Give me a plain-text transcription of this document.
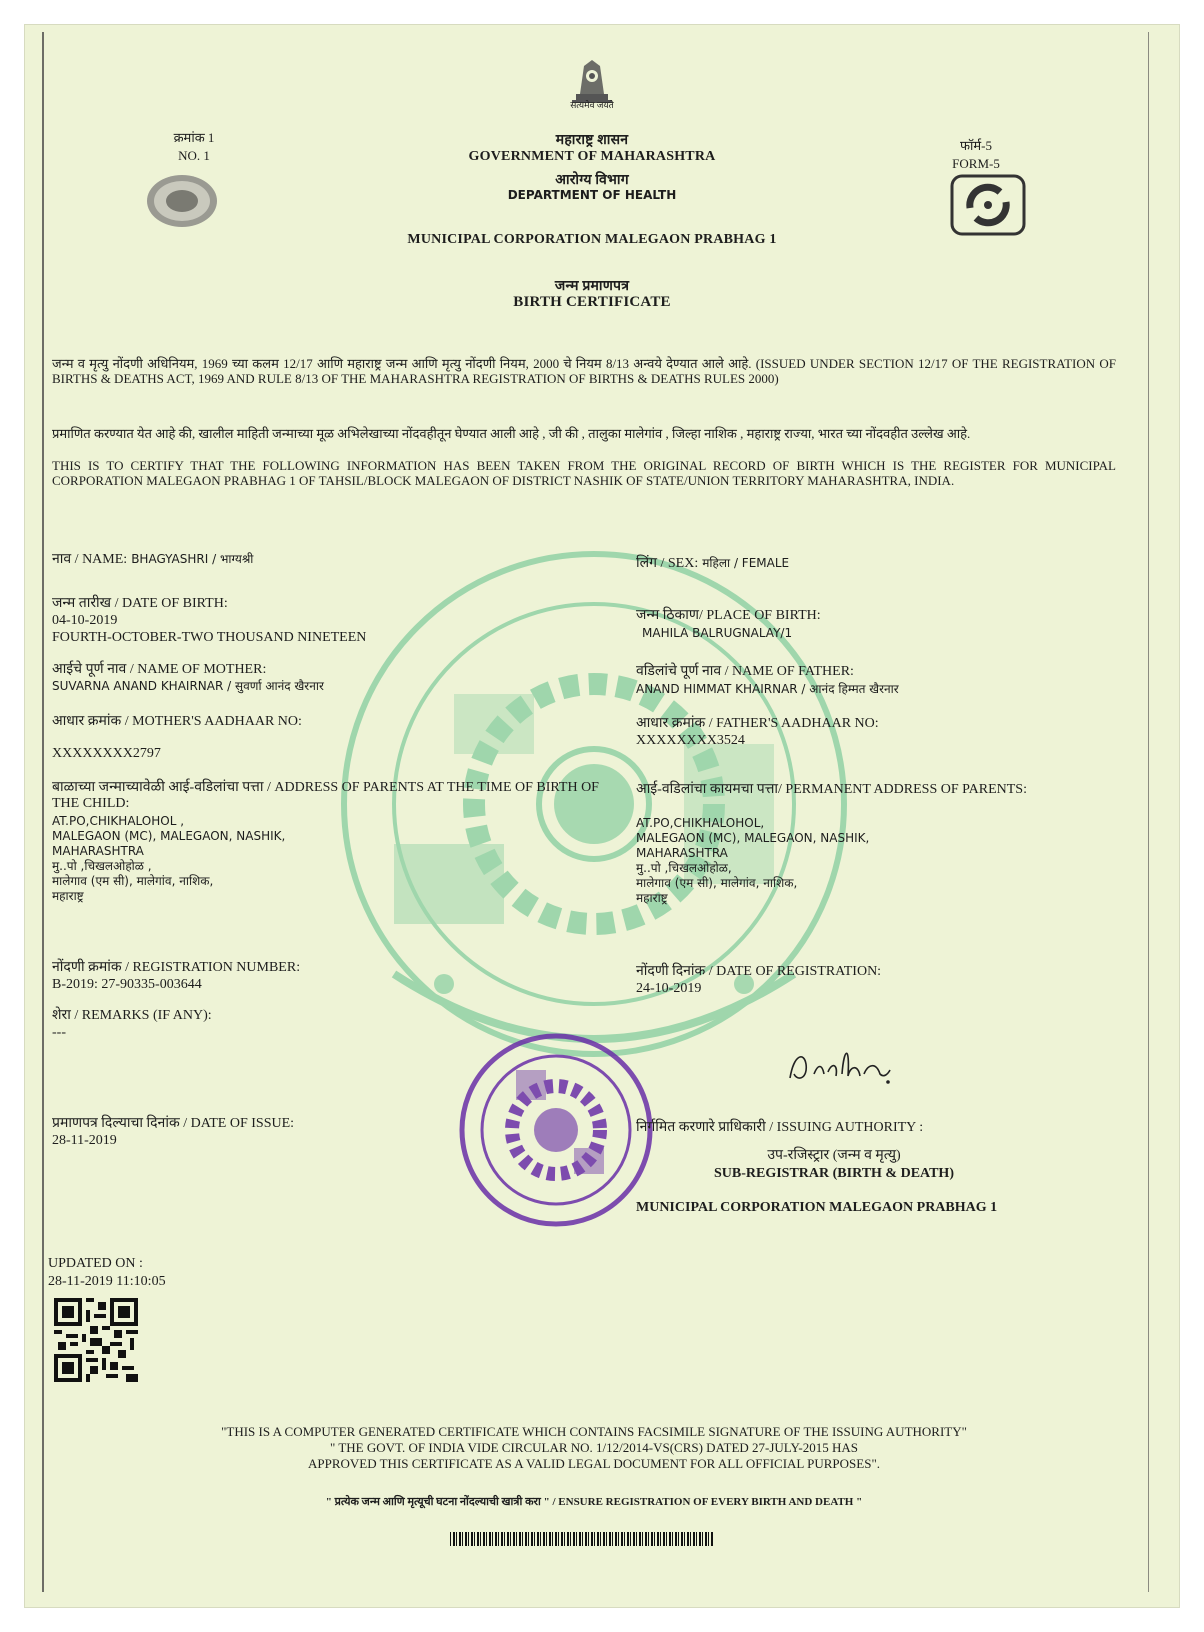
सत्यमेव जयते
क्रमांक 1
NO. 1
फॉर्म-5
FORM-5
महाराष्ट्र शासन
GOVERNMENT OF MAHARASHTRA
आरोग्य विभाग
DEPARTMENT OF HEALTH
MUNICIPAL CORPORATION MALEGAON PRABHAG 1
जन्म प्रमाणपत्र
BIRTH CERTIFICATE
जन्म व मृत्यु नोंदणी अधिनियम, 1969 च्या कलम 12/17 आणि महाराष्ट्र जन्म आणि मृत्यु नोंदणी नियम, 2000 चे नियम 8/13 अन्वये देण्यात आले आहे. (ISSUED UNDER SECTION 12/17 OF THE REGISTRATION OF BIRTHS & DEATHS ACT, 1969 AND RULE 8/13 OF THE MAHARASHTRA REGISTRATION OF BIRTHS & DEATHS RULES 2000)
प्रमाणित करण्यात येत आहे की, खालील माहिती जन्माच्या मूळ अभिलेखाच्या नोंदवहीतून घेण्यात आली आहे , जी की , तालुका मालेगांव , जिल्हा नाशिक , महाराष्ट्र राज्या, भारत च्या नोंदवहीत उल्लेख आहे.
THIS IS TO CERTIFY THAT THE FOLLOWING INFORMATION HAS BEEN TAKEN FROM THE ORIGINAL RECORD OF BIRTH WHICH IS THE REGISTER FOR MUNICIPAL CORPORATION MALEGAON PRABHAG 1 OF TAHSIL/BLOCK MALEGAON OF DISTRICT NASHIK OF STATE/UNION TERRITORY MAHARASHTRA, INDIA.
नाव / NAME: BHAGYASHRI / भाग्यश्री	लिंग / SEX: महिला / FEMALE
जन्म तारीख / DATE OF BIRTH:
04-10-2019
FOURTH-OCTOBER-TWO THOUSAND NINETEEN
जन्म ठिकाण/ PLACE OF BIRTH:
MAHILA BALRUGNALAY/1
आईचे पूर्ण नाव / NAME OF MOTHER:
SUVARNA ANAND KHAIRNAR / सुवर्णा आनंद खैरनार
वडिलांचे पूर्ण नाव / NAME OF FATHER:
ANAND HIMMAT KHAIRNAR / आनंद हिम्मत खैरनार
आधार क्रमांक / MOTHER'S AADHAAR NO:
XXXXXXXX2797
आधार क्रमांक / FATHER'S AADHAAR NO:
XXXXXXXX3524
बाळाच्या जन्माच्यावेळी आई-वडिलांचा पत्ता / ADDRESS OF PARENTS AT THE TIME OF BIRTH OF THE CHILD:
AT.PO,CHIKHALOHOL ,
MALEGAON (MC), MALEGAON, NASHIK,
MAHARASHTRA
मु..पो ,चिखलओहोळ ,
मालेगाव (एम सी), मालेगांव, नाशिक,
महाराष्ट्र
आई-वडिलांचा कायमचा पत्ता/ PERMANENT ADDRESS OF PARENTS:
AT.PO,CHIKHALOHOL,
MALEGAON (MC), MALEGAON, NASHIK,
MAHARASHTRA
मु..पो ,चिखलओहोळ,
मालेगाव (एम सी), मालेगांव, नाशिक,
महाराष्ट्र
नोंदणी क्रमांक / REGISTRATION NUMBER:
B-2019: 27-90335-003644
नोंदणी दिनांक / DATE OF REGISTRATION:
24-10-2019
शेरा / REMARKS (IF ANY):
---
प्रमाणपत्र दिल्याचा दिनांक / DATE OF ISSUE:
28-11-2019
निर्गमित करणारे प्राधिकारी / ISSUING AUTHORITY :
उप-रजिस्ट्रार (जन्म व मृत्यु)
SUB-REGISTRAR (BIRTH & DEATH)
MUNICIPAL CORPORATION MALEGAON PRABHAG 1
UPDATED ON :
28-11-2019 11:10:05
"THIS IS A COMPUTER GENERATED CERTIFICATE WHICH CONTAINS FACSIMILE SIGNATURE OF THE ISSUING AUTHORITY"
" THE GOVT. OF INDIA VIDE CIRCULAR NO. 1/12/2014-VS(CRS) DATED 27-JULY-2015 HAS
APPROVED THIS CERTIFICATE AS A VALID LEGAL DOCUMENT FOR ALL OFFICIAL PURPOSES".
" प्रत्येक जन्म आणि मृत्यूची घटना नोंदल्याची खात्री करा " / ENSURE REGISTRATION OF EVERY BIRTH AND DEATH "
